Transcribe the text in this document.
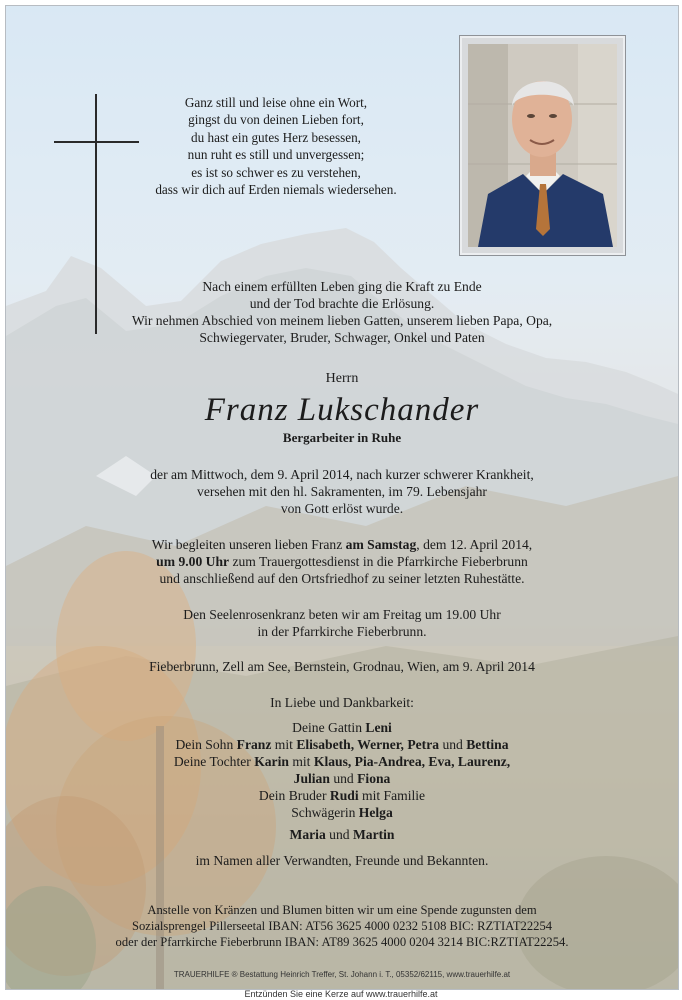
Ganz still und leise ohne ein Wort,
gingst du von deinen Lieben fort,
du hast ein gutes Herz besessen,
nun ruht es still und unvergessen;
es ist so schwer es zu verstehen,
dass wir dich auf Erden niemals wiedersehen.
Nach einem erfüllten Leben ging die Kraft zu Ende
und der Tod brachte die Erlösung.
Wir nehmen Abschied von meinem lieben Gatten, unserem lieben Papa, Opa,
Schwiegervater, Bruder, Schwager, Onkel und Paten
Herrn
Franz Lukschander
Bergarbeiter in Ruhe
der am Mittwoch, dem 9. April 2014, nach kurzer schwerer Krankheit,
versehen mit den hl. Sakramenten, im 79. Lebensjahr
von Gott erlöst wurde.
Wir begleiten unseren lieben Franz am Samstag, dem 12. April 2014,
um 9.00 Uhr zum Trauergottesdienst in die Pfarrkirche Fieberbrunn
und anschließend auf den Ortsfriedhof zu seiner letzten Ruhestätte.
Den Seelenrosenkranz beten wir am Freitag um 19.00 Uhr
in der Pfarrkirche Fieberbrunn.
Fieberbrunn, Zell am See, Bernstein, Grodnau, Wien, am 9. April 2014
In Liebe und Dankbarkeit:
Deine Gattin Leni
Dein Sohn Franz mit Elisabeth, Werner, Petra und Bettina
Deine Tochter Karin mit Klaus, Pia-Andrea, Eva, Laurenz,
Julian und Fiona
Dein Bruder Rudi mit Familie
Schwägerin Helga
Maria und Martin
im Namen aller Verwandten, Freunde und Bekannten.
Anstelle von Kränzen und Blumen bitten wir um eine Spende zugunsten dem
Sozialsprengel Pillerseetal IBAN: AT56 3625 4000 0232 5108 BIC: RZTIAT22254
oder der Pfarrkirche Fieberbrunn IBAN: AT89 3625 4000 0204 3214 BIC:RZTIAT22254.
TRAUERHILFE ® Bestattung Heinrich Treffer, St. Johann i. T., 05352/62115, www.trauerhilfe.at
Entzünden Sie eine Kerze auf www.trauerhilfe.at
